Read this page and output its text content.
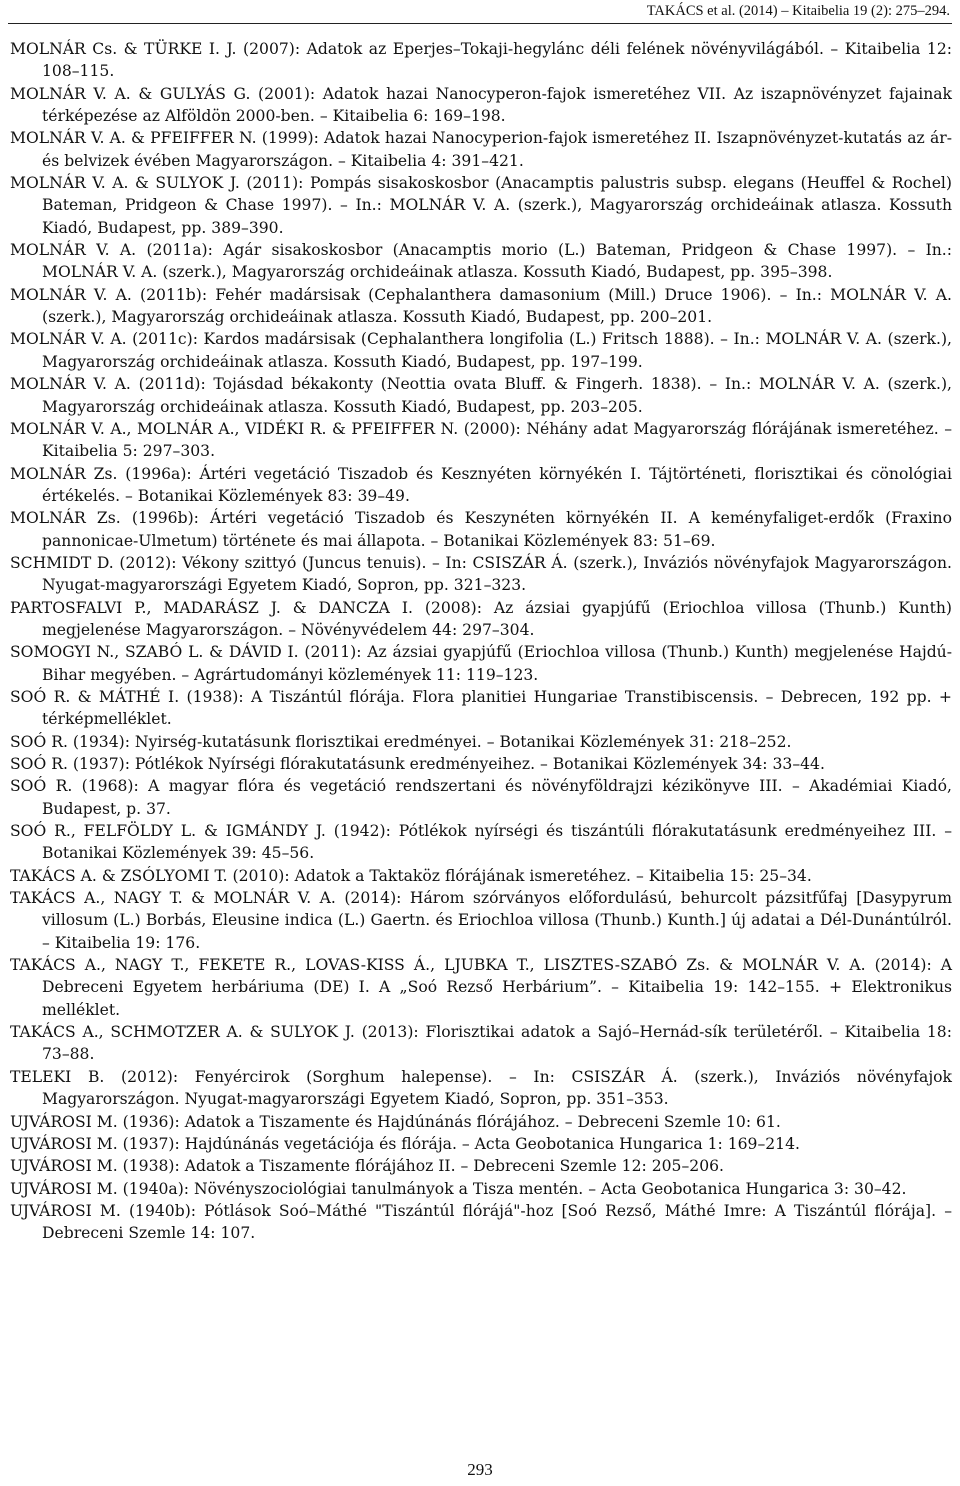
TAKÁCS et al. (2014) – Kitaibelia 19 (2): 275–294.

MOLNÁR Cs. & TÜRKE I. J. (2007): Adatok az Eperjes–Tokaji-hegylánc déli felének növényvilágából. – Kitaibelia 12: 108–115.

MOLNÁR V. A. & GULYÁS G. (2001): Adatok hazai Nanocyperon-fajok ismeretéhez VII. Az iszapnövényzet fajainak térképezése az Alföldön 2000-ben. – Kitaibelia 6: 169–198.

MOLNÁR V. A. & PFEIFFER N. (1999): Adatok hazai Nanocyperion-fajok ismeretéhez II. Iszapnövényzet-kutatás az ár- és belvizek évében Magyarországon. – Kitaibelia 4: 391–421.

MOLNÁR V. A. & SULYOK J. (2011): Pompás sisakoskosbor (Anacamptis palustris subsp. elegans (Heuffel & Rochel) Bateman, Pridgeon & Chase 1997). – In.: MOLNÁR V. A. (szerk.), Magyarország orchideáinak atlasza. Kossuth Kiadó, Budapest, pp. 389–390.

MOLNÁR V. A. (2011a): Agár sisakoskosbor (Anacamptis morio (L.) Bateman, Pridgeon & Chase 1997). – In.: MOLNÁR V. A. (szerk.), Magyarország orchideáinak atlasza. Kossuth Kiadó, Budapest, pp. 395–398.

MOLNÁR V. A. (2011b): Fehér madársisak (Cephalanthera damasonium (Mill.) Druce 1906). – In.: MOLNÁR V. A. (szerk.), Magyarország orchideáinak atlasza. Kossuth Kiadó, Budapest, pp. 200–201.

MOLNÁR V. A. (2011c): Kardos madársisak (Cephalanthera longifolia (L.) Fritsch 1888). – In.: MOLNÁR V. A. (szerk.), Magyarország orchideáinak atlasza. Kossuth Kiadó, Budapest, pp. 197–199.

MOLNÁR V. A. (2011d): Tojásdad békakonty (Neottia ovata Bluff. & Fingerh. 1838). – In.: MOLNÁR V. A. (szerk.), Magyarország orchideáinak atlasza. Kossuth Kiadó, Budapest, pp. 203–205.

MOLNÁR V. A., MOLNÁR A., VIDÉKI R. & PFEIFFER N. (2000): Néhány adat Magyarország flórájának ismeretéhez. – Kitaibelia 5: 297–303.

MOLNÁR Zs. (1996a): Ártéri vegetáció Tiszadob és Kesznyéten környékén I. Tájtörténeti, florisztikai és cönológiai értékelés. – Botanikai Közlemények 83: 39–49.

MOLNÁR Zs. (1996b): Ártéri vegetáció Tiszadob és Keszynéten környékén II. A keményfaliget-erdők (Fraxino pannonicae-Ulmetum) története és mai állapota. – Botanikai Közlemények 83: 51–69.

SCHMIDT D. (2012): Vékony szittyó (Juncus tenuis). – In: CSISZÁR Á. (szerk.), Inváziós növényfajok Magyarországon. Nyugat-magyarországi Egyetem Kiadó, Sopron, pp. 321–323.

PARTOSFALVI P., MADARÁSZ J. & DANCZA I. (2008): Az ázsiai gyapjúfű (Eriochloa villosa (Thunb.) Kunth) megjelenése Magyarországon. – Növényvédelem 44: 297–304.

SOMOGYI N., SZABÓ L. & DÁVID I. (2011): Az ázsiai gyapjúfű (Eriochloa villosa (Thunb.) Kunth) megjelenése Hajdú-Bihar megyében. – Agrártudományi közlemények 11: 119–123.

SOÓ R. & MÁTHÉ I. (1938): A Tiszántúl flórája. Flora planitiei Hungariae Transtibiscensis. – Debrecen, 192 pp. + térképmelléklet.

SOÓ R. (1934): Nyirség-kutatásunk florisztikai eredményei. – Botanikai Közlemények 31: 218–252.

SOÓ R. (1937): Pótlékok Nyírségi flórakutatásunk eredményeihez. – Botanikai Közlemények 34: 33–44.

SOÓ R. (1968): A magyar flóra és vegetáció rendszertani és növényföldrajzi kézikönyve III. – Akadémiai Kiadó, Budapest, p. 37.

SOÓ R., FELFÖLDY L. & IGMÁNDY J. (1942): Pótlékok nyírségi és tiszántúli flórakutatásunk eredményeihez III. – Botanikai Közlemények 39: 45–56.

TAKÁCS A. & ZSÓLYOMI T. (2010): Adatok a Taktaköz flórájának ismeretéhez. – Kitaibelia 15: 25–34.

TAKÁCS A., NAGY T. & MOLNÁR V. A. (2014): Három szórványos előfordulású, behurcolt pázsitfűfaj [Dasypyrum villosum (L.) Borbás, Eleusine indica (L.) Gaertn. és Eriochloa villosa (Thunb.) Kunth.] új adatai a Dél-Dunántúlról. – Kitaibelia 19: 176.

TAKÁCS A., NAGY T., FEKETE R., LOVAS-KISS Á., LJUBKA T., LISZTES-SZABÓ Zs. & MOLNÁR V. A. (2014): A Debreceni Egyetem herbáriuma (DE) I. A „Soó Rezső Herbárium”. – Kitaibelia 19: 142–155. + Elektronikus melléklet.

TAKÁCS A., SCHMOTZER A. & SULYOK J. (2013): Florisztikai adatok a Sajó–Hernád-sík területéről. – Kitaibelia 18: 73–88.

TELEKI B. (2012): Fenyércirok (Sorghum halepense). – In: CSISZÁR Á. (szerk.), Inváziós növényfajok Magyarországon. Nyugat-magyarországi Egyetem Kiadó, Sopron, pp. 351–353.

UJVÁROSI M. (1936): Adatok a Tiszamente és Hajdúnánás flórájához. – Debreceni Szemle 10: 61.

UJVÁROSI M. (1937): Hajdúnánás vegetációja és flórája. – Acta Geobotanica Hungarica 1: 169–214.

UJVÁROSI M. (1938): Adatok a Tiszamente flórájához II. – Debreceni Szemle 12: 205–206.

UJVÁROSI M. (1940a): Növényszociológiai tanulmányok a Tisza mentén. – Acta Geobotanica Hungarica 3: 30–42.

UJVÁROSI M. (1940b): Pótlások Soó–Máthé "Tiszántúl flórájá"-hoz [Soó Rezső, Máthé Imre: A Tiszántúl flórája]. – Debreceni Szemle 14: 107.

293
